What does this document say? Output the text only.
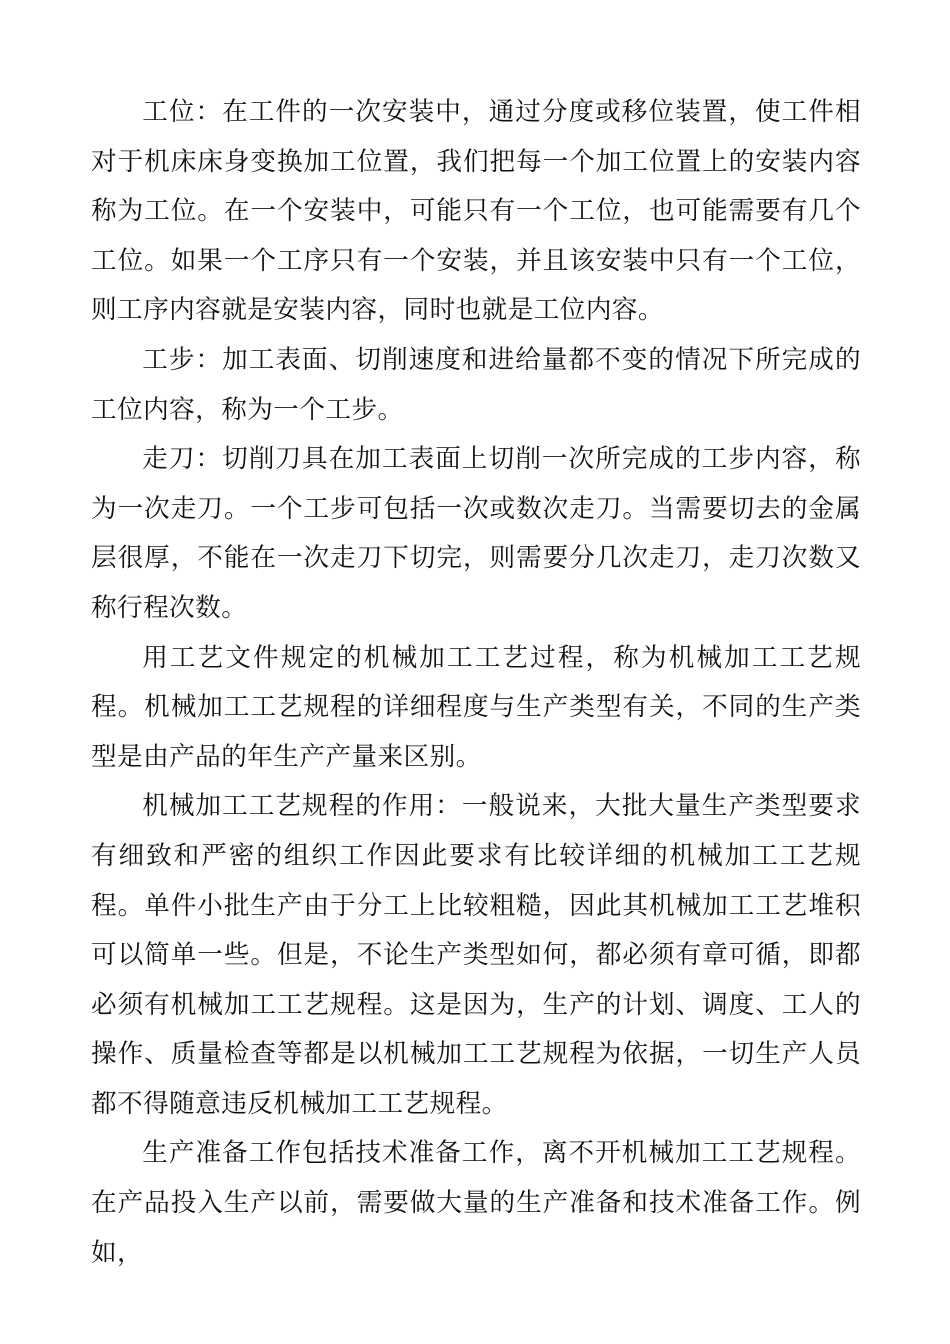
工位：在工件的一次安装中，通过分度或移位装置，使工件相对于机床床身变换加工位置，我们把每一个加工位置上的安装内容称为工位。在一个安装中，可能只有一个工位，也可能需要有几个工位。如果一个工序只有一个安装，并且该安装中只有一个工位，则工序内容就是安装内容，同时也就是工位内容。

工步：加工表面、切削速度和进给量都不变的情况下所完成的工位内容，称为一个工步。

走刀：切削刀具在加工表面上切削一次所完成的工步内容，称为一次走刀。一个工步可包括一次或数次走刀。当需要切去的金属层很厚，不能在一次走刀下切完，则需要分几次走刀，走刀次数又称行程次数。

用工艺文件规定的机械加工工艺过程，称为机械加工工艺规程。机械加工工艺规程的详细程度与生产类型有关，不同的生产类型是由产品的年生产产量来区别。

机械加工工艺规程的作用：一般说来，大批大量生产类型要求有细致和严密的组织工作因此要求有比较详细的机械加工工艺规程。单件小批生产由于分工上比较粗糙，因此其机械加工工艺堆积可以简单一些。但是，不论生产类型如何，都必须有章可循，即都必须有机械加工工艺规程。这是因为，生产的计划、调度、工人的操作、质量检查等都是以机械加工工艺规程为依据，一切生产人员都不得随意违反机械加工工艺规程。

生产准备工作包括技术准备工作，离不开机械加工工艺规程。在产品投入生产以前，需要做大量的生产准备和技术准备工作。例如，
